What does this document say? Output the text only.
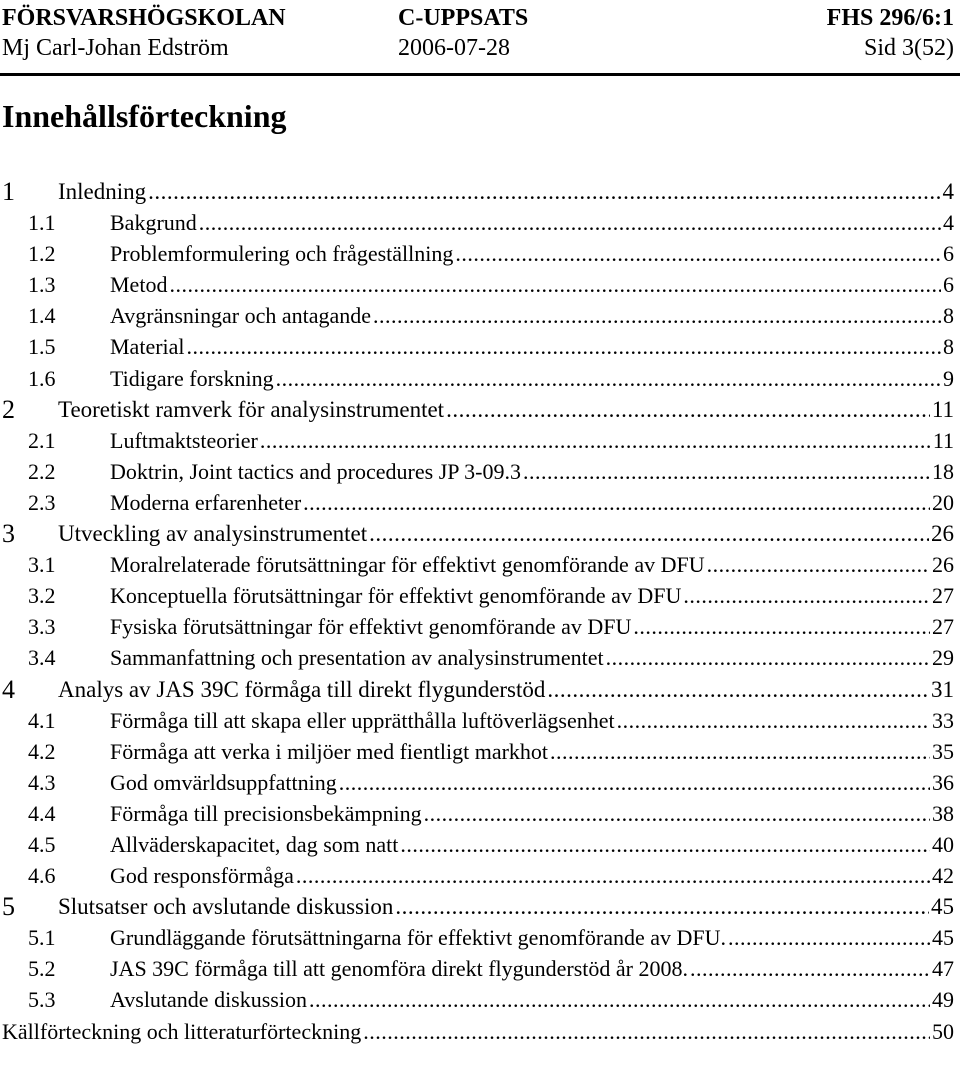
FÖRSVARSHÖGSKOLAN	C-UPPSATS	FHS 296/6:1
Mj Carl-Johan Edström	2006-07-28	Sid 3(52)
Innehållsförteckning
1 Inledning .....	4
1.1 Bakgrund .....	4
1.2 Problemformulering och frågeställning .....	6
1.3 Metod .....	6
1.4 Avgränsningar och antagande .....	8
1.5 Material .....	8
1.6 Tidigare forskning .....	9
2 Teoretiskt ramverk för analysinstrumentet .....	11
2.1 Luftmaktsteorier .....	11
2.2 Doktrin, Joint tactics and procedures JP 3-09.3 .....	18
2.3 Moderna erfarenheter .....	20
3 Utveckling av analysinstrumentet .....	26
3.1 Moralrelaterade förutsättningar för effektivt genomförande av DFU .....	26
3.2 Konceptuella förutsättningar för effektivt genomförande av DFU .....	27
3.3 Fysiska förutsättningar för effektivt genomförande av DFU .....	27
3.4 Sammanfattning och presentation av analysinstrumentet .....	29
4 Analys av JAS 39C förmåga till direkt flygunderstöd .....	31
4.1 Förmåga till att skapa eller upprätthålla luftöverlägsenhet .....	33
4.2 Förmåga att verka i miljöer med fientligt markhot .....	35
4.3 God omvärldsuppfattning .....	36
4.4 Förmåga till precisionsbekämpning .....	38
4.5 Allväderskapacitet, dag som natt .....	40
4.6 God responsförmåga .....	42
5 Slutsatser och avslutande diskussion .....	45
5.1 Grundläggande förutsättningarna för effektivt genomförande av DFU. .....	45
5.2 JAS 39C förmåga till att genomföra direkt flygunderstöd år 2008. .....	47
5.3 Avslutande diskussion .....	49
Källförteckning och litteraturförteckning .....	50
